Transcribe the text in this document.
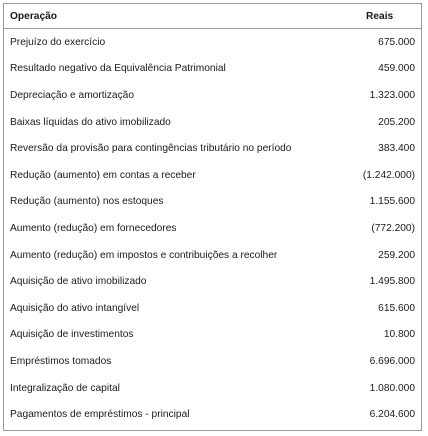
Operação	Reais
Prejuízo do exercício	675.000
Resultado negativo da Equivalência Patrimonial	459.000
Depreciação e amortização	1.323.000
Baixas líquidas do ativo imobilizado	205.200
Reversão da provisão para contingências tributário no período	383.400
Redução (aumento) em contas a receber	(1.242.000)
Redução (aumento) nos estoques	1.155.600
Aumento (redução) em fornecedores	(772.200)
Aumento (redução) em impostos e contribuições a recolher	259.200
Aquisição de ativo imobilizado	1.495.800
Aquisição do ativo intangível	615.600
Aquisição de investimentos	10.800
Empréstimos tomados	6.696.000
Integralização de capital	1.080.000
Pagamentos de empréstimos - principal	6.204.600
